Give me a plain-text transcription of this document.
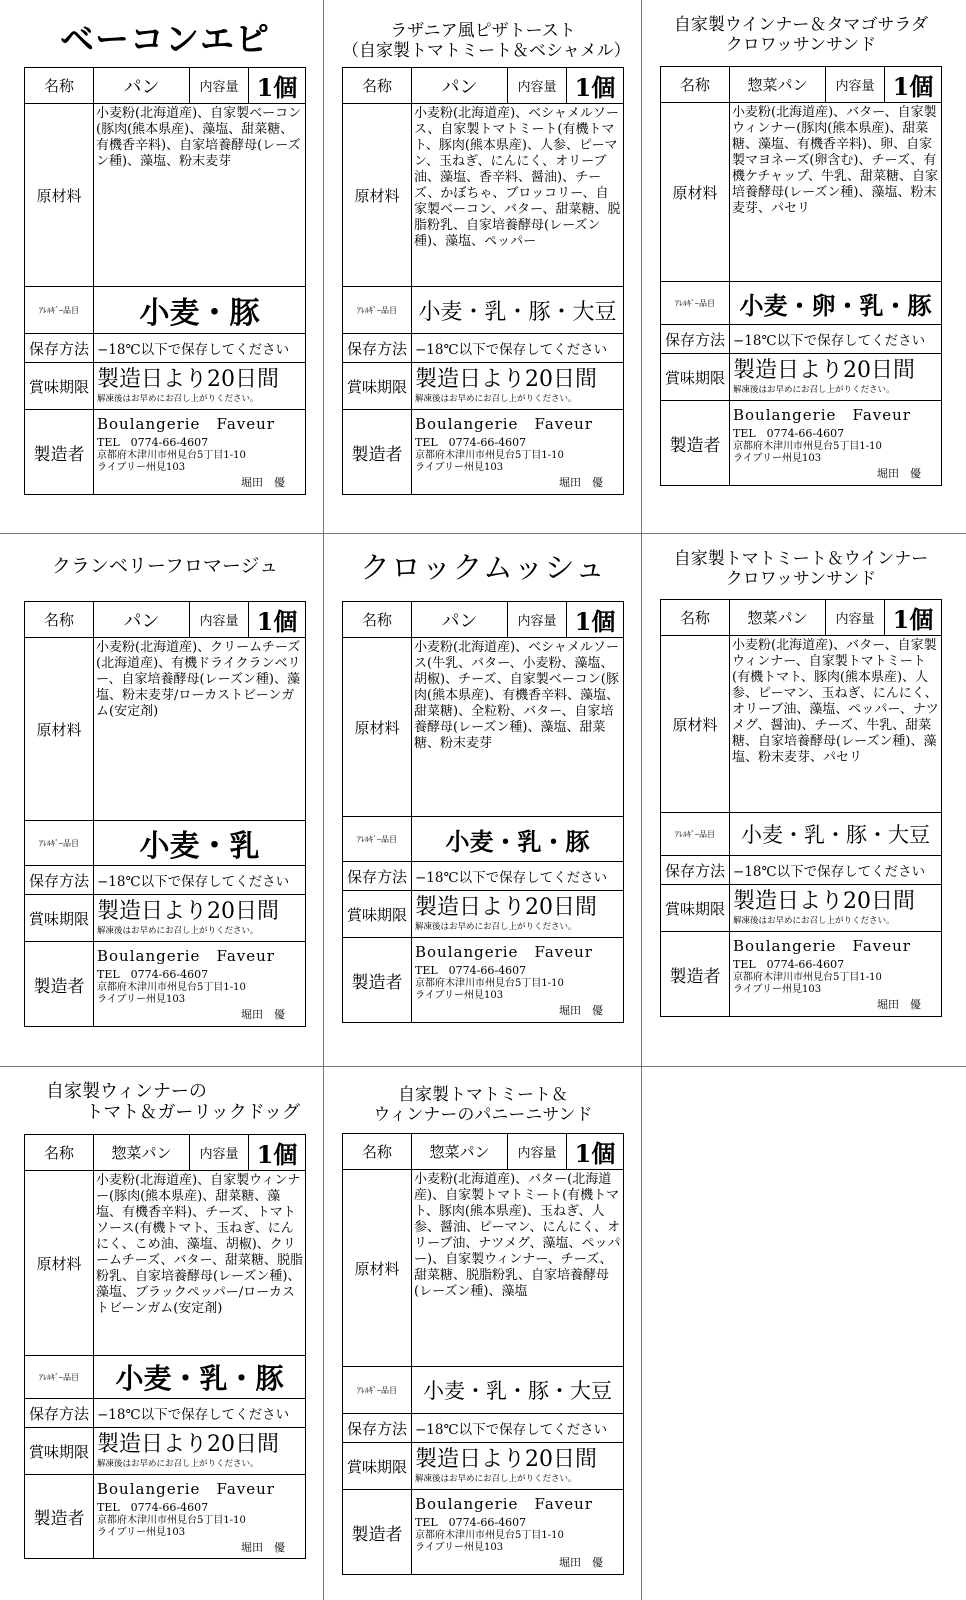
ベーコンエピ
名称	パン	内容量	1個
原材料	小麦粉(北海道産)、自家製ベーコン(豚肉(熊本県産)、藻塩、甜菜糖、有機香辛料)、自家培養酵母(レーズン種)、藻塩、粉末麦芽		
ｱﾚﾙｷﾞｰ品目	小麦・豚		
保存方法	−18℃以下で保存してください		
賞味期限	製造日より20日間
解凍後はお早めにお召し上がりください。		

製造者	Boulangerie　Faveur
TEL　0774-66-4607
京都府木津川市州見台5丁目1-10
ライブリー州見103
堀田　優		
ラザニア風ピザトースト
（自家製トマトミート＆ベシャメル）
名称	パン	内容量	1個
原材料	小麦粉(北海道産)、ベシャメルソース、自家製トマトミート(有機トマト、豚肉(熊本県産)、人参、ピーマン、玉ねぎ、にんにく、オリーブ油、藻塩、香辛料、醤油)、チーズ、かぼちゃ、ブロッコリー、自家製ベーコン、バター、甜菜糖、脱脂粉乳、自家培養酵母(レーズン種)、藻塩、ペッパー		
ｱﾚﾙｷﾞｰ品目	小麦・乳・豚・大豆		
保存方法	−18℃以下で保存してください		
賞味期限	製造日より20日間
解凍後はお早めにお召し上がりください。		

製造者	Boulangerie　Faveur
TEL　0774-66-4607
京都府木津川市州見台5丁目1-10
ライブリー州見103
堀田　優		
自家製ウインナー＆タマゴサラダ
クロワッサンサンド
名称	惣菜パン	内容量	1個
原材料	小麦粉(北海道産)、バター、自家製ウィンナー(豚肉(熊本県産)、甜菜糖、藻塩、有機香辛料)、卵、自家製マヨネーズ(卵含む)、チーズ、有機ケチャップ、牛乳、甜菜糖、自家培養酵母(レーズン種)、藻塩、粉末麦芽、パセリ		
ｱﾚﾙｷﾞｰ品目	小麦・卵・乳・豚		
保存方法	−18℃以下で保存してください		
賞味期限	製造日より20日間
解凍後はお早めにお召し上がりください。		

製造者	Boulangerie　Faveur
TEL　0774-66-4607
京都府木津川市州見台5丁目1-10
ライブリー州見103
堀田　優		
クランベリーフロマージュ
名称	パン	内容量	1個
原材料	小麦粉(北海道産)、クリームチーズ(北海道産)、有機ドライクランベリー、自家培養酵母(レーズン種)、藻塩、粉末麦芽/ローカストビーンガム(安定剤)		
ｱﾚﾙｷﾞｰ品目	小麦・乳		
保存方法	−18℃以下で保存してください		
賞味期限	製造日より20日間
解凍後はお早めにお召し上がりください。		

製造者	Boulangerie　Faveur
TEL　0774-66-4607
京都府木津川市州見台5丁目1-10
ライブリー州見103
堀田　優		
クロックムッシュ
名称	パン	内容量	1個
原材料	小麦粉(北海道産)、ベシャメルソース(牛乳、バター、小麦粉、藻塩、胡椒)、チーズ、自家製ベーコン(豚肉(熊本県産)、有機香辛料、藻塩、甜菜糖)、全粒粉、バター、自家培養酵母(レーズン種)、藻塩、甜菜糖、粉末麦芽		
ｱﾚﾙｷﾞｰ品目	小麦・乳・豚		
保存方法	−18℃以下で保存してください		
賞味期限	製造日より20日間
解凍後はお早めにお召し上がりください。		

製造者	Boulangerie　Faveur
TEL　0774-66-4607
京都府木津川市州見台5丁目1-10
ライブリー州見103
堀田　優		
自家製トマトミート＆ウインナー
クロワッサンサンド
名称	惣菜パン	内容量	1個
原材料	小麦粉(北海道産)、バター、自家製ウィンナー、自家製トマトミート(有機トマト、豚肉(熊本県産)、人参、ピーマン、玉ねぎ、にんにく、オリーブ油、藻塩、ペッパー、ナツメグ、醤油)、チーズ、牛乳、甜菜糖、自家培養酵母(レーズン種)、藻塩、粉末麦芽、パセリ		
ｱﾚﾙｷﾞｰ品目	小麦・乳・豚・大豆		
保存方法	−18℃以下で保存してください		
賞味期限	製造日より20日間
解凍後はお早めにお召し上がりください。		

製造者	Boulangerie　Faveur
TEL　0774-66-4607
京都府木津川市州見台5丁目1-10
ライブリー州見103
堀田　優		
自家製ウィンナーの
トマト＆ガーリックドッグ
名称	惣菜パン	内容量	1個
原材料	小麦粉(北海道産)、自家製ウィンナー(豚肉(熊本県産)、甜菜糖、藻塩、有機香辛料)、チーズ、トマトソース(有機トマト、玉ねぎ、にんにく、こめ油、藻塩、胡椒)、クリームチーズ、バター、甜菜糖、脱脂粉乳、自家培養酵母(レーズン種)、藻塩、ブラックペッパー/ローカストビーンガム(安定剤)		
ｱﾚﾙｷﾞｰ品目	小麦・乳・豚		
保存方法	−18℃以下で保存してください		
賞味期限	製造日より20日間
解凍後はお早めにお召し上がりください。		

製造者	Boulangerie　Faveur
TEL　0774-66-4607
京都府木津川市州見台5丁目1-10
ライブリー州見103
堀田　優		
自家製トマトミート＆
ウィンナーのパニーニサンド
名称	惣菜パン	内容量	1個
原材料	小麦粉(北海道産)、バター(北海道産)、自家製トマトミート(有機トマト、豚肉(熊本県産)、玉ねぎ、人参、醤油、ピーマン、にんにく、オリーブ油、ナツメグ、藻塩、ペッパー)、自家製ウィンナー、チーズ、甜菜糖、脱脂粉乳、自家培養酵母(レーズン種)、藻塩		
ｱﾚﾙｷﾞｰ品目	小麦・乳・豚・大豆		
保存方法	−18℃以下で保存してください		
賞味期限	製造日より20日間
解凍後はお早めにお召し上がりください。		

製造者	Boulangerie　Faveur
TEL　0774-66-4607
京都府木津川市州見台5丁目1-10
ライブリー州見103
堀田　優		
